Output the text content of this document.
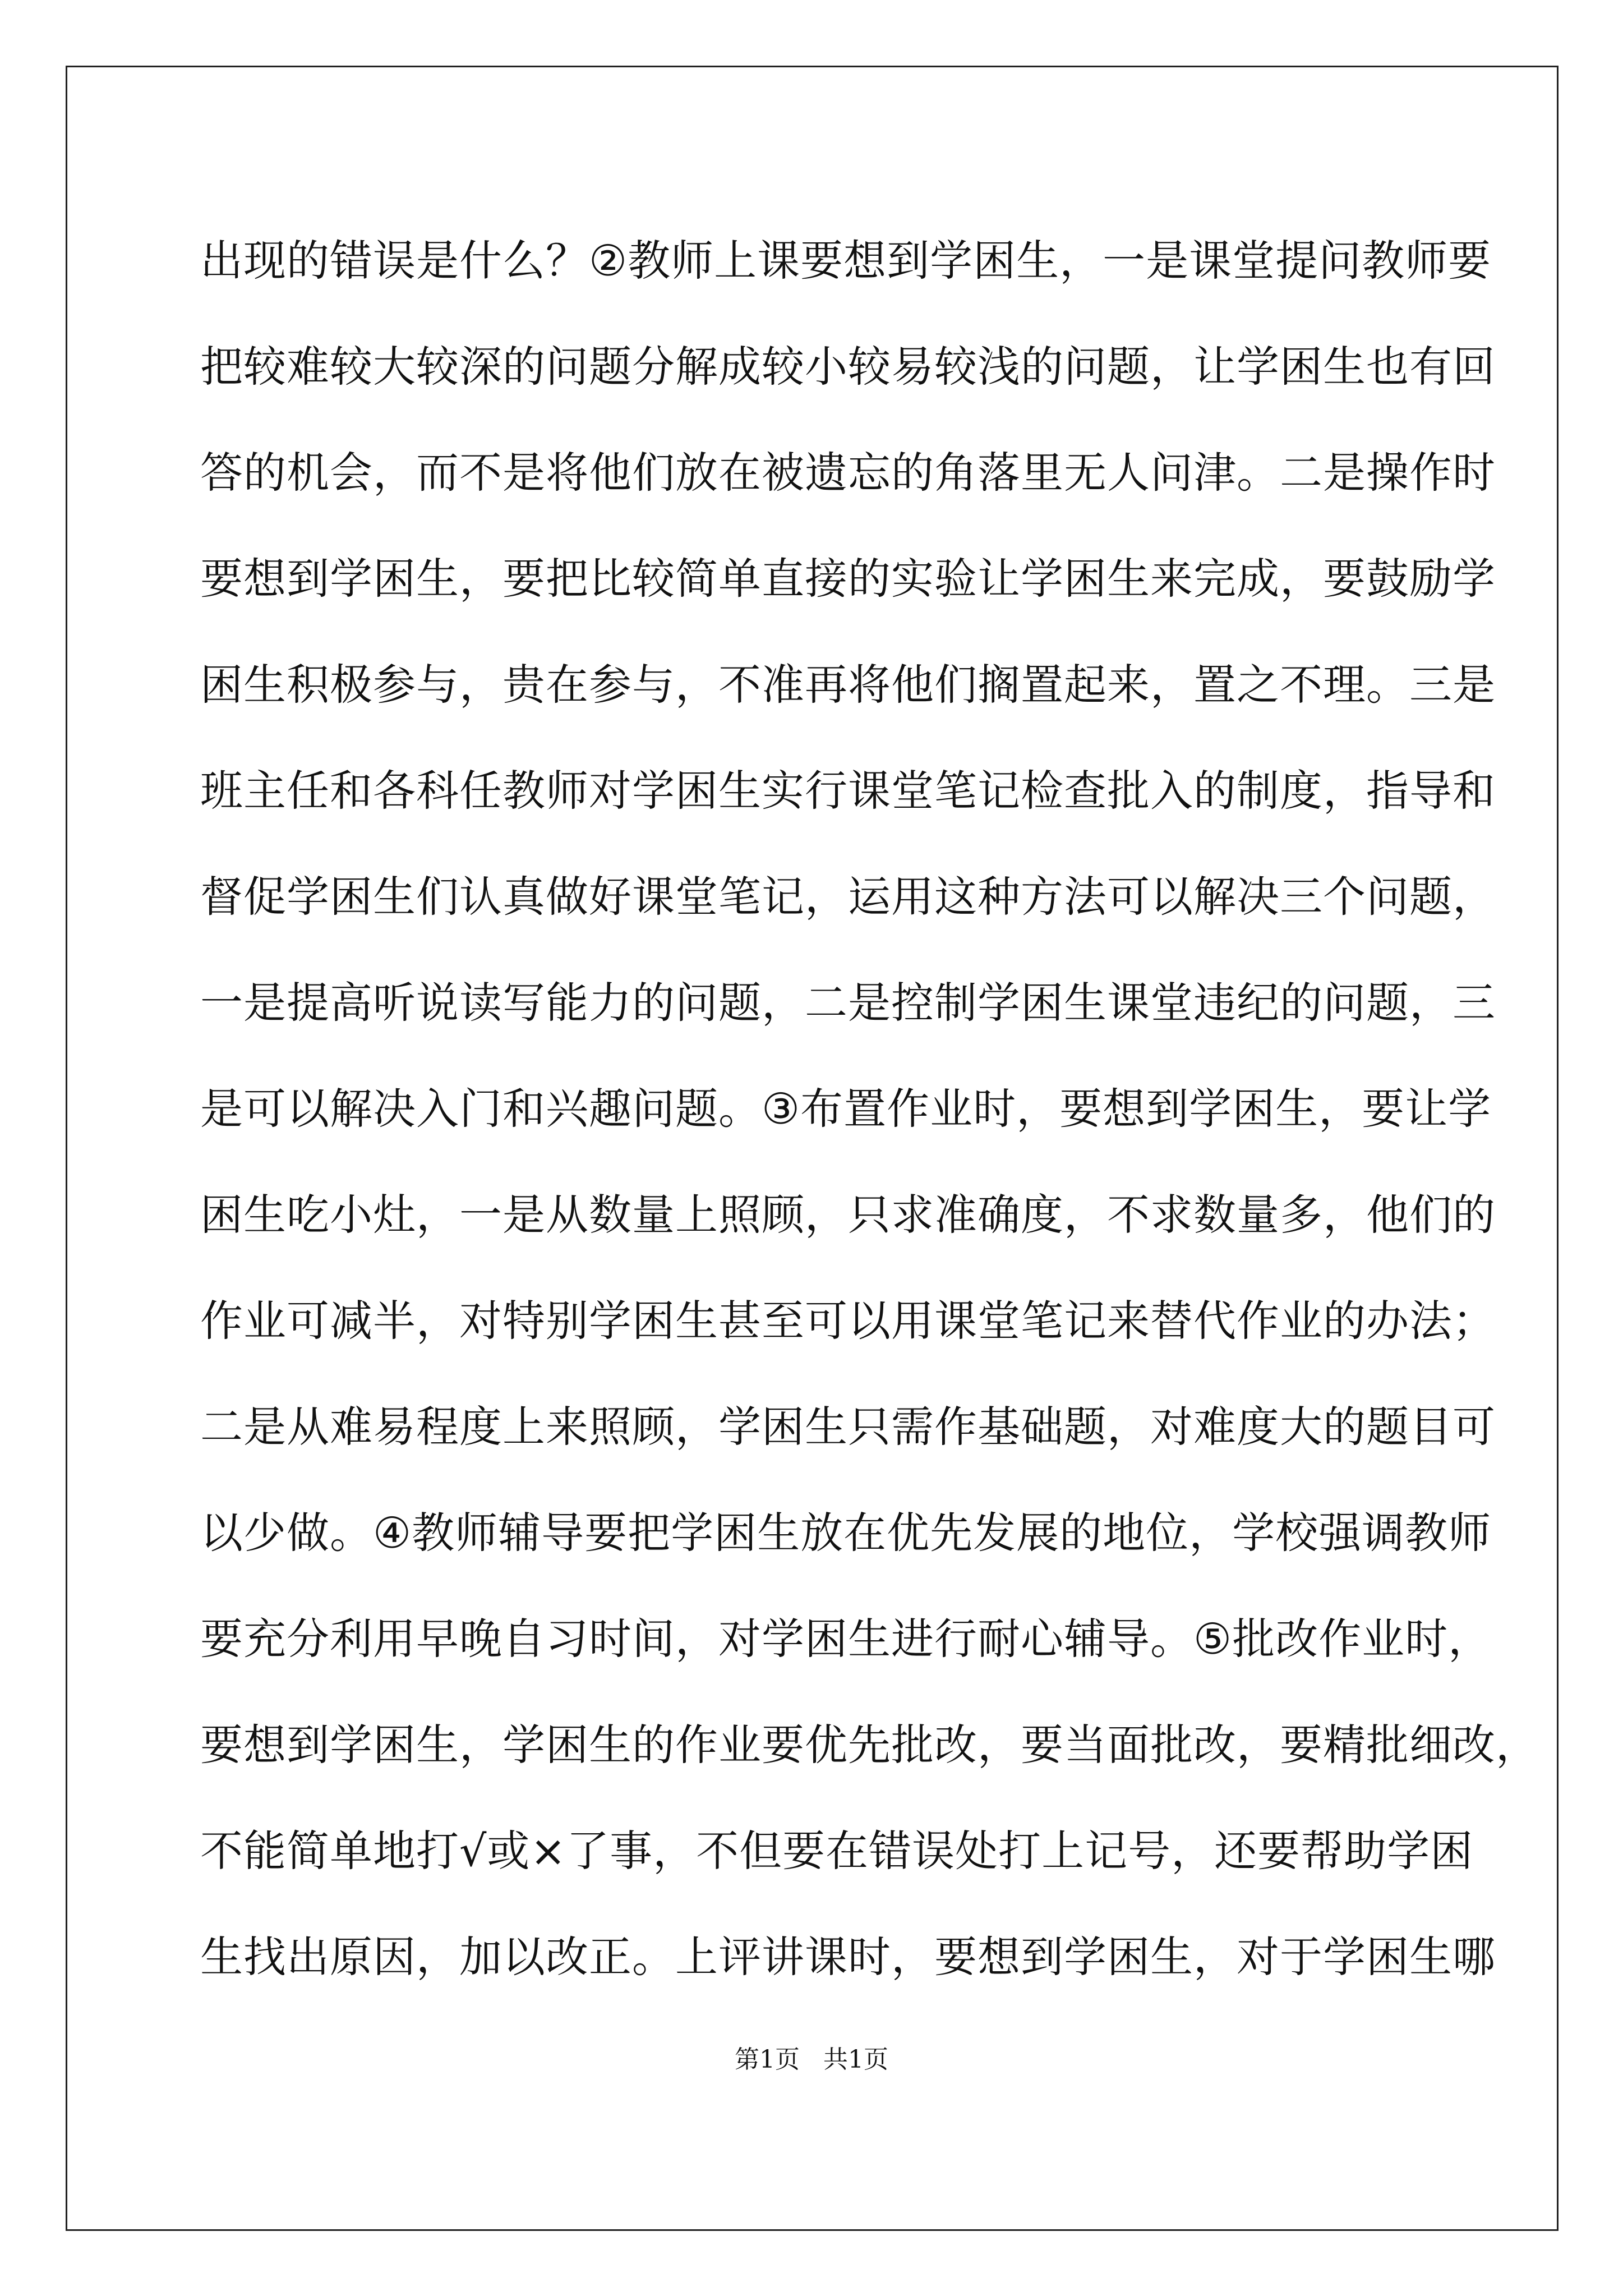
出现的错误是什么？②教师上课要想到学困生，一是课堂提问教师要
把较难较大较深的问题分解成较小较易较浅的问题，让学困生也有回
答的机会，而不是将他们放在被遗忘的角落里无人问津。二是操作时
要想到学困生，要把比较简单直接的实验让学困生来完成，要鼓励学
困生积极参与，贵在参与，不准再将他们搁置起来，置之不理。三是
班主任和各科任教师对学困生实行课堂笔记检查批入的制度，指导和
督促学困生们认真做好课堂笔记，运用这种方法可以解决三个问题，
一是提高听说读写能力的问题，二是控制学困生课堂违纪的问题，三
是可以解决入门和兴趣问题。③布置作业时，要想到学困生，要让学
困生吃小灶，一是从数量上照顾，只求准确度，不求数量多，他们的
作业可减半，对特别学困生甚至可以用课堂笔记来替代作业的办法；
二是从难易程度上来照顾，学困生只需作基础题，对难度大的题目可
以少做。④教师辅导要把学困生放在优先发展的地位，学校强调教师
要充分利用早晚自习时间，对学困生进行耐心辅导。⑤批改作业时，
要想到学困生，学困生的作业要优先批改，要当面批改，要精批细改，
不能简单地打√或×了事，不但要在错误处打上记号，还要帮助学困
生找出原因，加以改正。上评讲课时，要想到学困生，对于学困生哪
第1页   共1页
